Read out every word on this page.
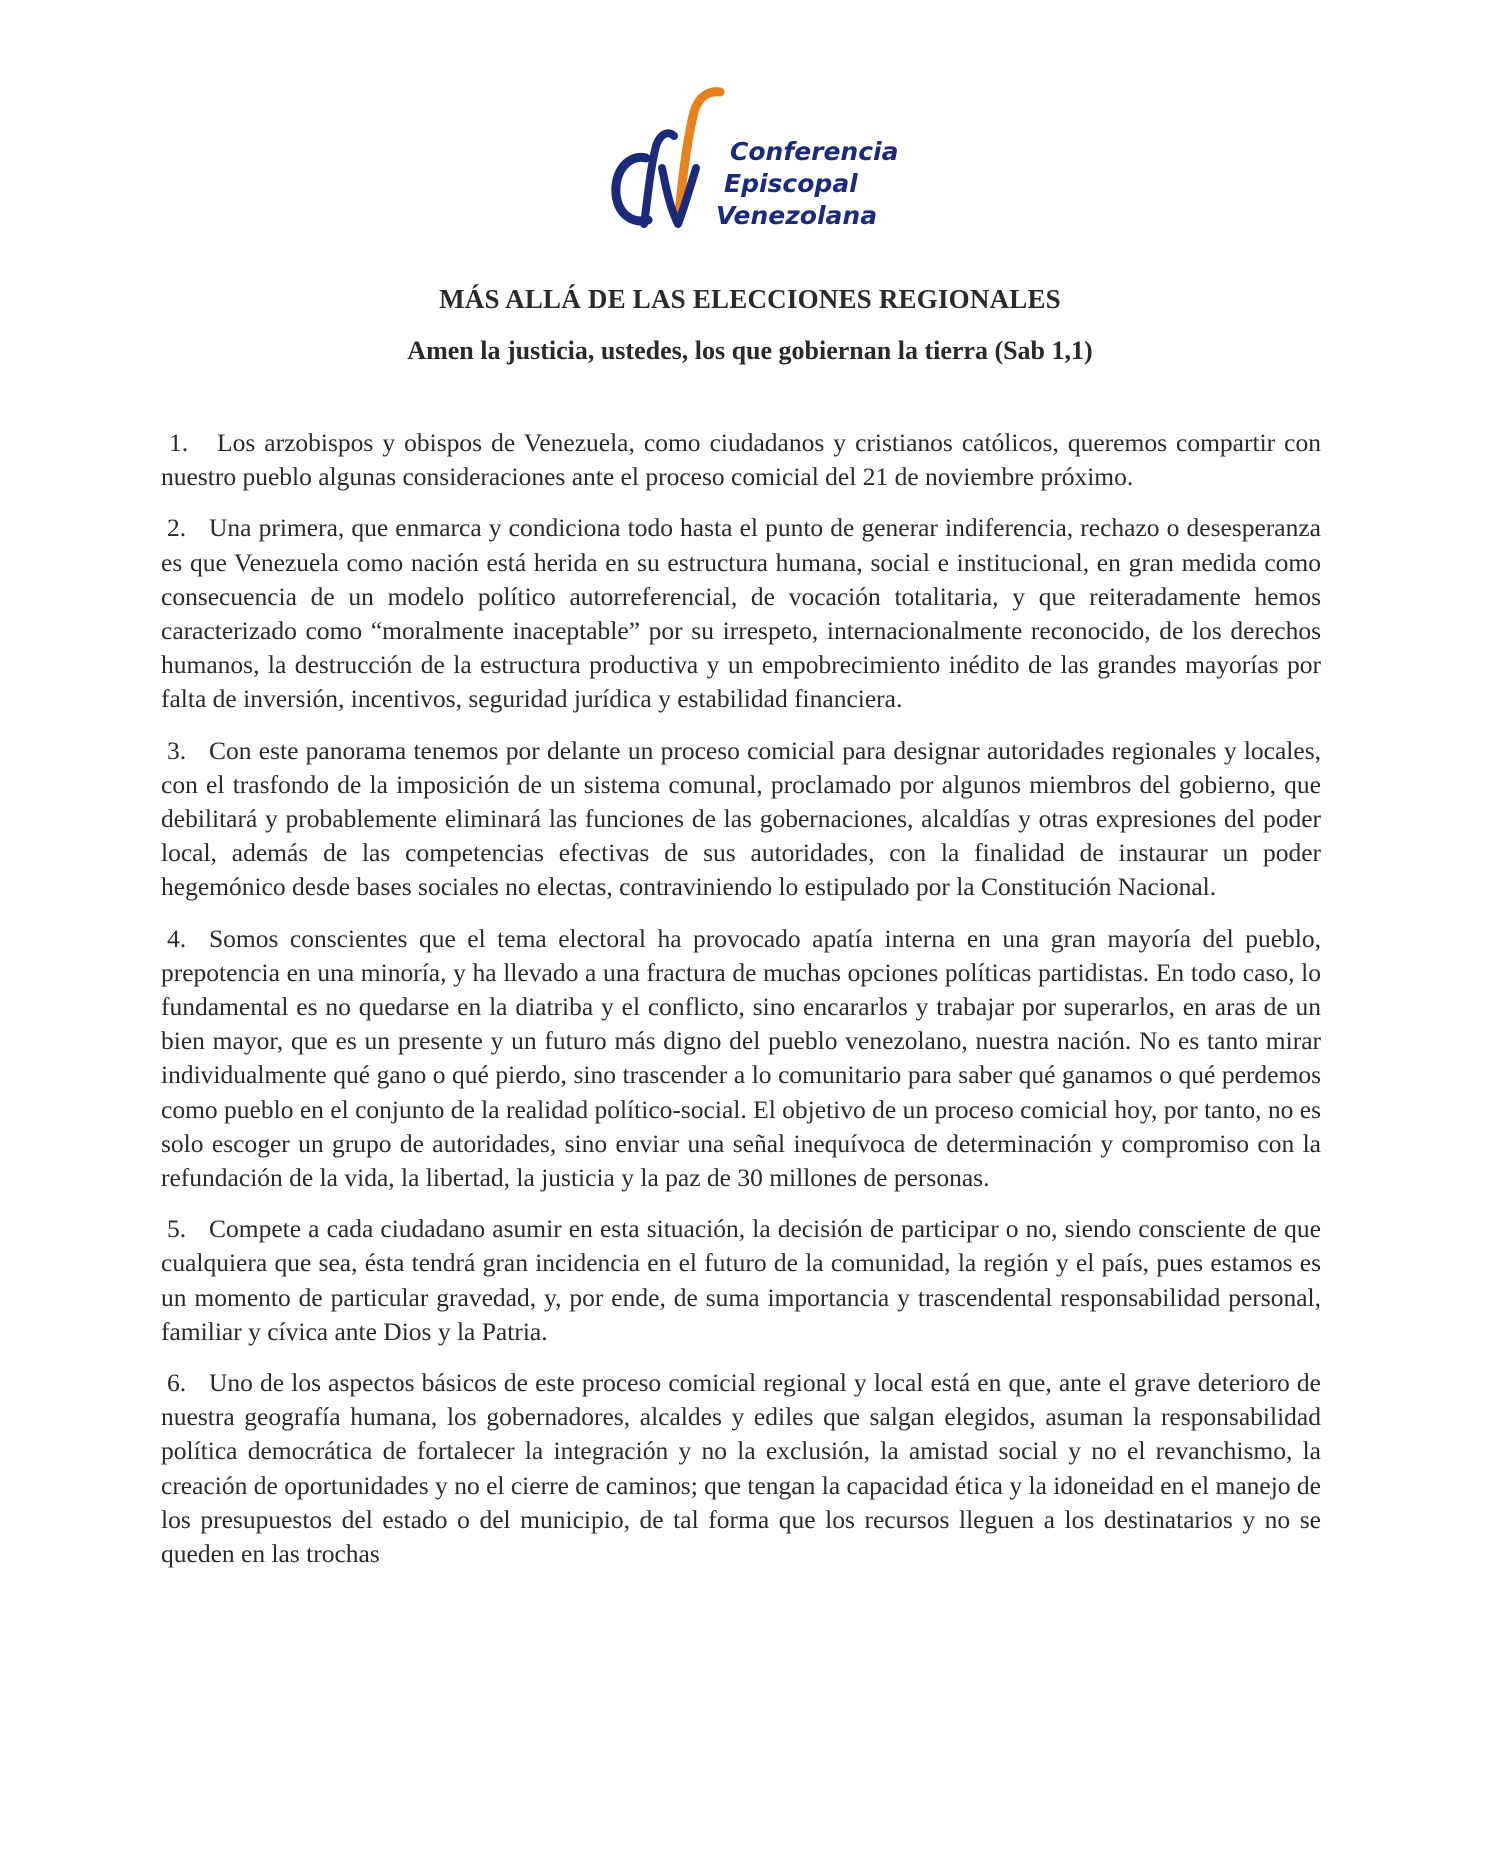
Conferencia
Episcopal
Venezolana
MÁS ALLÁ DE LAS ELECCIONES REGIONALES
Amen la justicia, ustedes, los que gobiernan la tierra (Sab 1,1)

1. Los arzobispos y obispos de Venezuela, como ciudadanos y cristianos católicos, queremos compartir con nuestro pueblo algunas consideraciones ante el proceso comicial del 21 de noviembre próximo.

2. Una primera, que enmarca y condiciona todo hasta el punto de generar indiferencia, rechazo o desesperanza es que Venezuela como nación está herida en su estructura humana, social e institucional, en gran medida como consecuencia de un modelo político autorreferencial, de vocación totalitaria, y que reiteradamente hemos caracterizado como “moralmente inaceptable” por su irrespeto, internacionalmente reconocido, de los derechos humanos, la destrucción de la estructura productiva y un empobrecimiento inédito de las grandes mayorías por falta de inversión, incentivos, seguridad jurídica y estabilidad financiera.

3. Con este panorama tenemos por delante un proceso comicial para designar autoridades regionales y locales, con el trasfondo de la imposición de un sistema comunal, proclamado por algunos miembros del gobierno, que debilitará y probablemente eliminará las funciones de las gobernaciones, alcaldías y otras expresiones del poder local, además de las competencias efectivas de sus autoridades, con la finalidad de instaurar un poder hegemónico desde bases sociales no electas, contraviniendo lo estipulado por la Constitución Nacional.

4. Somos conscientes que el tema electoral ha provocado apatía interna en una gran mayoría del pueblo, prepotencia en una minoría, y ha llevado a una fractura de muchas opciones políticas partidistas. En todo caso, lo fundamental es no quedarse en la diatriba y el conflicto, sino encararlos y trabajar por superarlos, en aras de un bien mayor, que es un presente y un futuro más digno del pueblo venezolano, nuestra nación. No es tanto mirar individualmente qué gano o qué pierdo, sino trascender a lo comunitario para saber qué ganamos o qué perdemos como pueblo en el conjunto de la realidad político-social. El objetivo de un proceso comicial hoy, por tanto, no es solo escoger un grupo de autoridades, sino enviar una señal inequívoca de determinación y compromiso con la refundación de la vida, la libertad, la justicia y la paz de 30 millones de personas.

5. Compete a cada ciudadano asumir en esta situación, la decisión de participar o no, siendo consciente de que cualquiera que sea, ésta tendrá gran incidencia en el futuro de la comunidad, la región y el país, pues estamos es un momento de particular gravedad, y, por ende, de suma importancia y trascendental responsabilidad personal, familiar y cívica ante Dios y la Patria.

6. Uno de los aspectos básicos de este proceso comicial regional y local está en que, ante el grave deterioro de nuestra geografía humana, los gobernadores, alcaldes y ediles que salgan elegidos, asuman la responsabilidad política democrática de fortalecer la integración y no la exclusión, la amistad social y no el revanchismo, la creación de oportunidades y no el cierre de caminos; que tengan la capacidad ética y la idoneidad en el manejo de los presupuestos del estado o del municipio, de tal forma que los recursos lleguen a los destinatarios y no se queden en las trochas
